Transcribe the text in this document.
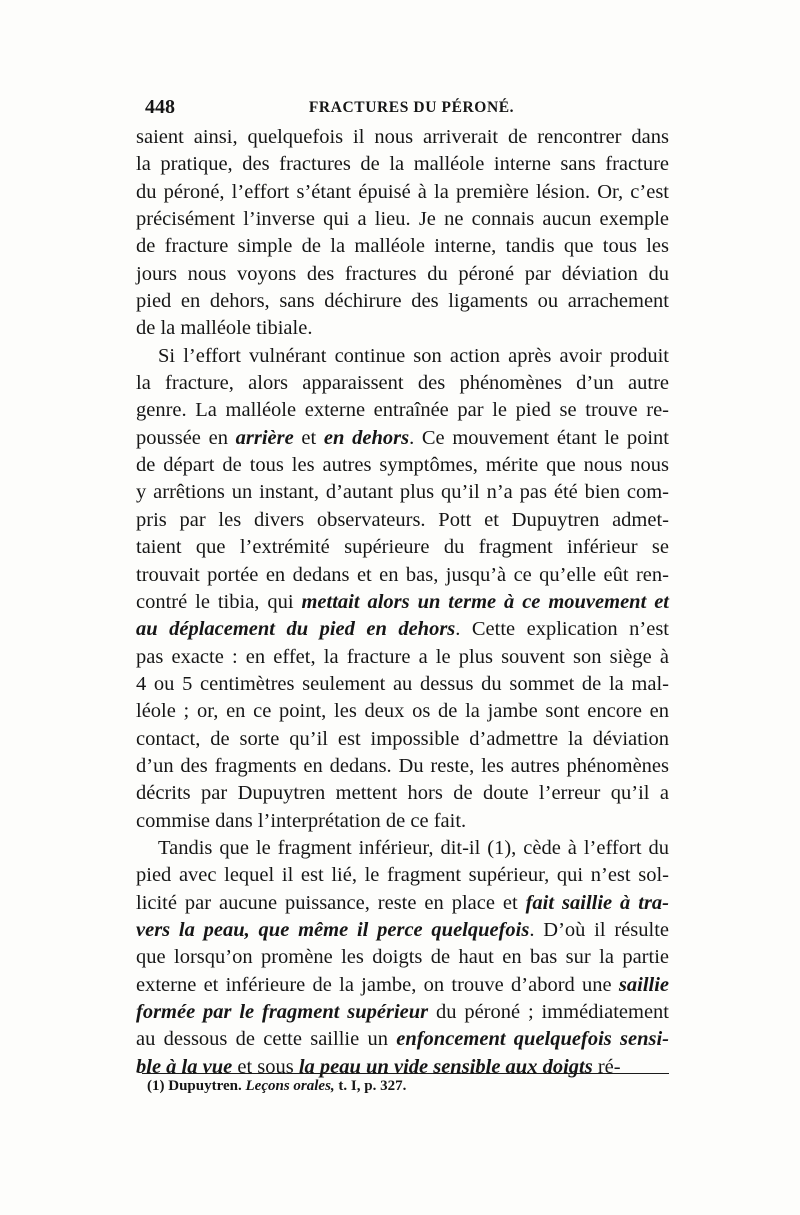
448	FRACTURES DU PÉRONÉ.
saient ainsi, quelquefois il nous arriverait de rencontrer dans
la pratique, des fractures de la malléole interne sans fracture
du péroné, l’effort s’étant épuisé à la première lésion. Or, c’est
précisément l’inverse qui a lieu. Je ne connais aucun exemple
de fracture simple de la malléole interne, tandis que tous les
jours nous voyons des fractures du péroné par déviation du
pied en dehors, sans déchirure des ligaments ou arrachement
de la malléole tibiale.
Si l’effort vulnérant continue son action après avoir produit
la fracture, alors apparaissent des phénomènes d’un autre
genre. La malléole externe entraînée par le pied se trouve re-
poussée en arrière et en dehors. Ce mouvement étant le point
de départ de tous les autres symptômes, mérite que nous nous
y arrêtions un instant, d’autant plus qu’il n’a pas été bien com-
pris par les divers observateurs. Pott et Dupuytren admet-
taient que l’extrémité supérieure du fragment inférieur se
trouvait portée en dedans et en bas, jusqu’à ce qu’elle eût ren-
contré le tibia, qui mettait alors un terme à ce mouvement et
au déplacement du pied en dehors. Cette explication n’est
pas exacte : en effet, la fracture a le plus souvent son siège à
4 ou 5 centimètres seulement au dessus du sommet de la mal-
léole ; or, en ce point, les deux os de la jambe sont encore en
contact, de sorte qu’il est impossible d’admettre la déviation
d’un des fragments en dedans. Du reste, les autres phénomènes
décrits par Dupuytren mettent hors de doute l’erreur qu’il a
commise dans l’interprétation de ce fait.
Tandis que le fragment inférieur, dit-il (1), cède à l’effort du
pied avec lequel il est lié, le fragment supérieur, qui n’est sol-
licité par aucune puissance, reste en place et fait saillie à tra-
vers la peau, que même il perce quelquefois. D’où il résulte
que lorsqu’on promène les doigts de haut en bas sur la partie
externe et inférieure de la jambe, on trouve d’abord une saillie
formée par le fragment supérieur du péroné ; immédiatement
au dessous de cette saillie un enfoncement quelquefois sensi-
ble à la vue et sous la peau un vide sensible aux doigts ré-
(1) Dupuytren. Leçons orales, t. I, p. 327.
